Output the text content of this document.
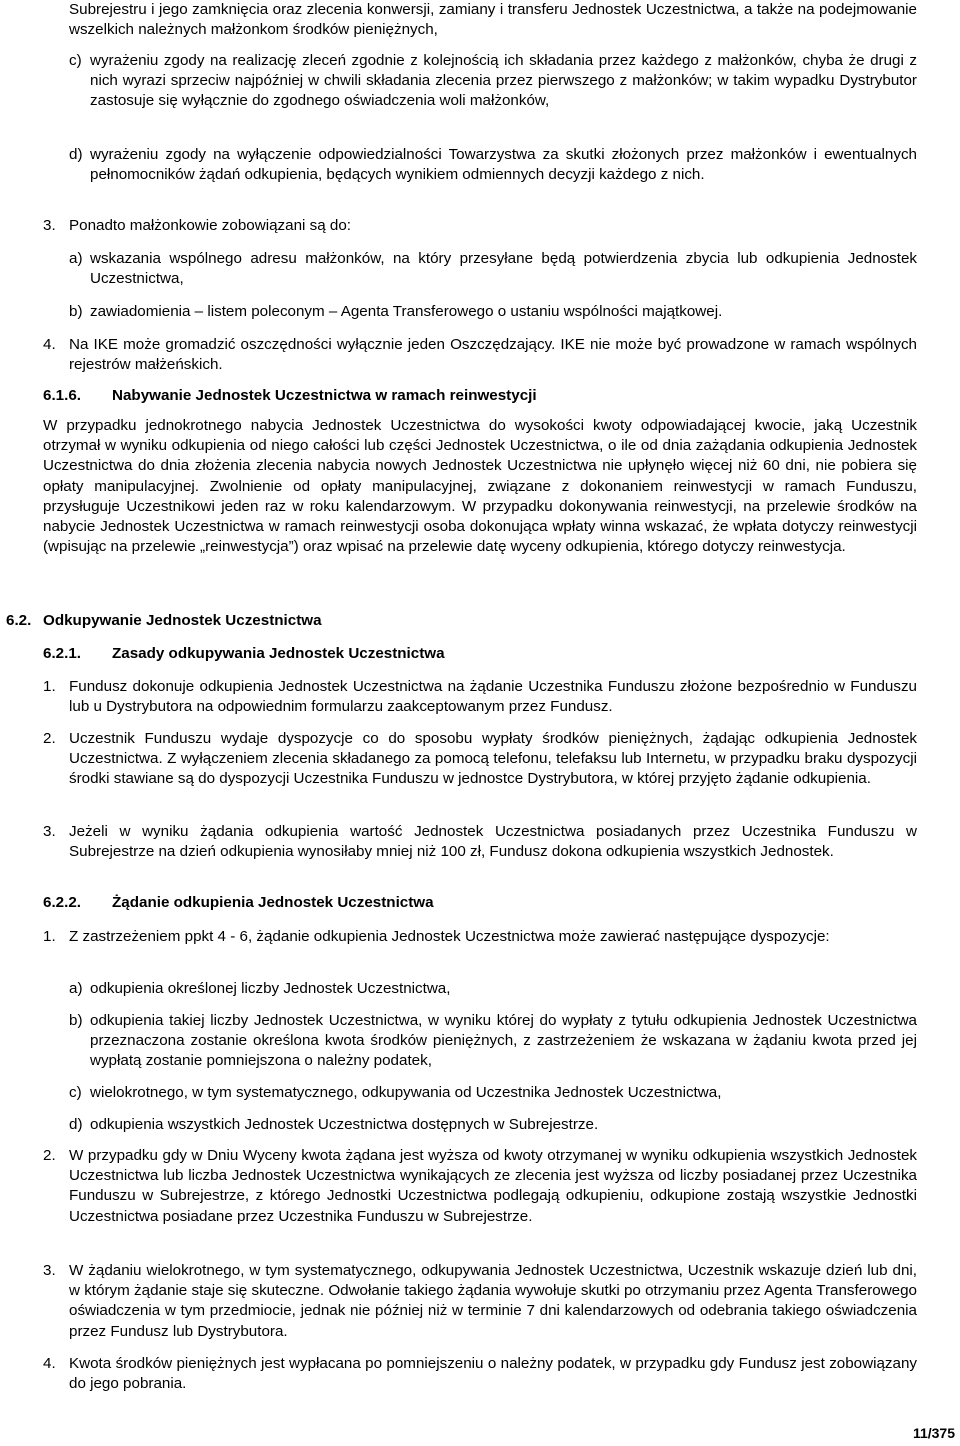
Subrejestru i jego zamknięcia oraz zlecenia konwersji, zamiany i transferu Jednostek Uczestnictwa, a także na podejmowanie wszelkich należnych małżonkom środków pieniężnych,
c) wyrażeniu zgody na realizację zleceń zgodnie z kolejnością ich składania przez każdego z małżonków, chyba że drugi z nich wyrazi sprzeciw najpóźniej w chwili składania zlecenia przez pierwszego z małżonków; w takim wypadku Dystrybutor zastosuje się wyłącznie do zgodnego oświadczenia woli małżonków,
d) wyrażeniu zgody na wyłączenie odpowiedzialności Towarzystwa za skutki złożonych przez małżonków i ewentualnych pełnomocników żądań odkupienia, będących wynikiem odmiennych decyzji każdego z nich.
3. Ponadto małżonkowie zobowiązani są do:
a) wskazania wspólnego adresu małżonków, na który przesyłane będą potwierdzenia zbycia lub odkupienia Jednostek Uczestnictwa,
b) zawiadomienia – listem poleconym – Agenta Transferowego o ustaniu wspólności majątkowej.
4. Na IKE może gromadzić oszczędności wyłącznie jeden Oszczędzający. IKE nie może być prowadzone w ramach wspólnych rejestrów małżeńskich.
6.1.6.	Nabywanie Jednostek Uczestnictwa w ramach reinwestycji
W przypadku jednokrotnego nabycia Jednostek Uczestnictwa do wysokości kwoty odpowiadającej kwocie, jaką Uczestnik otrzymał w wyniku odkupienia od niego całości lub części Jednostek Uczestnictwa, o ile od dnia zażądania odkupienia Jednostek Uczestnictwa do dnia złożenia zlecenia nabycia nowych Jednostek Uczestnictwa nie upłynęło więcej niż 60 dni, nie pobiera się opłaty manipulacyjnej. Zwolnienie od opłaty manipulacyjnej, związane z dokonaniem reinwestycji w ramach Funduszu, przysługuje Uczestnikowi jeden raz w roku kalendarzowym. W przypadku dokonywania reinwestycji, na przelewie środków na nabycie Jednostek Uczestnictwa w ramach reinwestycji osoba dokonująca wpłaty winna wskazać, że wpłata dotyczy reinwestycji (wpisując na przelewie „reinwestycja”) oraz wpisać na przelewie datę wyceny odkupienia, którego dotyczy reinwestycja.
6.2. Odkupywanie Jednostek Uczestnictwa
6.2.1.	Zasady odkupywania Jednostek Uczestnictwa
1. Fundusz dokonuje odkupienia Jednostek Uczestnictwa na żądanie Uczestnika Funduszu złożone bezpośrednio w Funduszu lub u Dystrybutora na odpowiednim formularzu zaakceptowanym przez Fundusz.
2. Uczestnik Funduszu wydaje dyspozycje co do sposobu wypłaty środków pieniężnych, żądając odkupienia Jednostek Uczestnictwa. Z wyłączeniem zlecenia składanego za pomocą telefonu, telefaksu lub Internetu, w przypadku braku dyspozycji środki stawiane są do dyspozycji Uczestnika Funduszu w jednostce Dystrybutora, w której przyjęto żądanie odkupienia.
3. Jeżeli w wyniku żądania odkupienia wartość Jednostek Uczestnictwa posiadanych przez Uczestnika Funduszu w Subrejestrze na dzień odkupienia wynosiłaby mniej niż 100 zł, Fundusz dokona odkupienia wszystkich Jednostek.
6.2.2.	Żądanie odkupienia Jednostek Uczestnictwa
1. Z zastrzeżeniem ppkt 4 - 6, żądanie odkupienia Jednostek Uczestnictwa może zawierać następujące dyspozycje:
a) odkupienia określonej liczby Jednostek Uczestnictwa,
b) odkupienia takiej liczby Jednostek Uczestnictwa, w wyniku której do wypłaty z tytułu odkupienia Jednostek Uczestnictwa przeznaczona zostanie określona kwota środków pieniężnych, z zastrzeżeniem że wskazana w żądaniu kwota przed jej wypłatą zostanie pomniejszona o należny podatek,
c) wielokrotnego, w tym systematycznego, odkupywania od Uczestnika Jednostek Uczestnictwa,
d) odkupienia wszystkich Jednostek Uczestnictwa dostępnych w Subrejestrze.
2. W przypadku gdy w Dniu Wyceny kwota żądana jest wyższa od kwoty otrzymanej w wyniku odkupienia wszystkich Jednostek Uczestnictwa lub liczba Jednostek Uczestnictwa wynikających ze zlecenia jest wyższa od liczby posiadanej przez Uczestnika Funduszu w Subrejestrze, z którego Jednostki Uczestnictwa podlegają odkupieniu, odkupione zostają wszystkie Jednostki Uczestnictwa posiadane przez Uczestnika Funduszu w Subrejestrze.
3. W żądaniu wielokrotnego, w tym systematycznego, odkupywania Jednostek Uczestnictwa, Uczestnik wskazuje dzień lub dni, w którym żądanie staje się skuteczne. Odwołanie takiego żądania wywołuje skutki po otrzymaniu przez Agenta Transferowego oświadczenia w tym przedmiocie, jednak nie później niż w terminie 7 dni kalendarzowych od odebrania takiego oświadczenia przez Fundusz lub Dystrybutora.
4. Kwota środków pieniężnych jest wypłacana po pomniejszeniu o należny podatek, w przypadku gdy Fundusz jest zobowiązany do jego pobrania.
11/375
